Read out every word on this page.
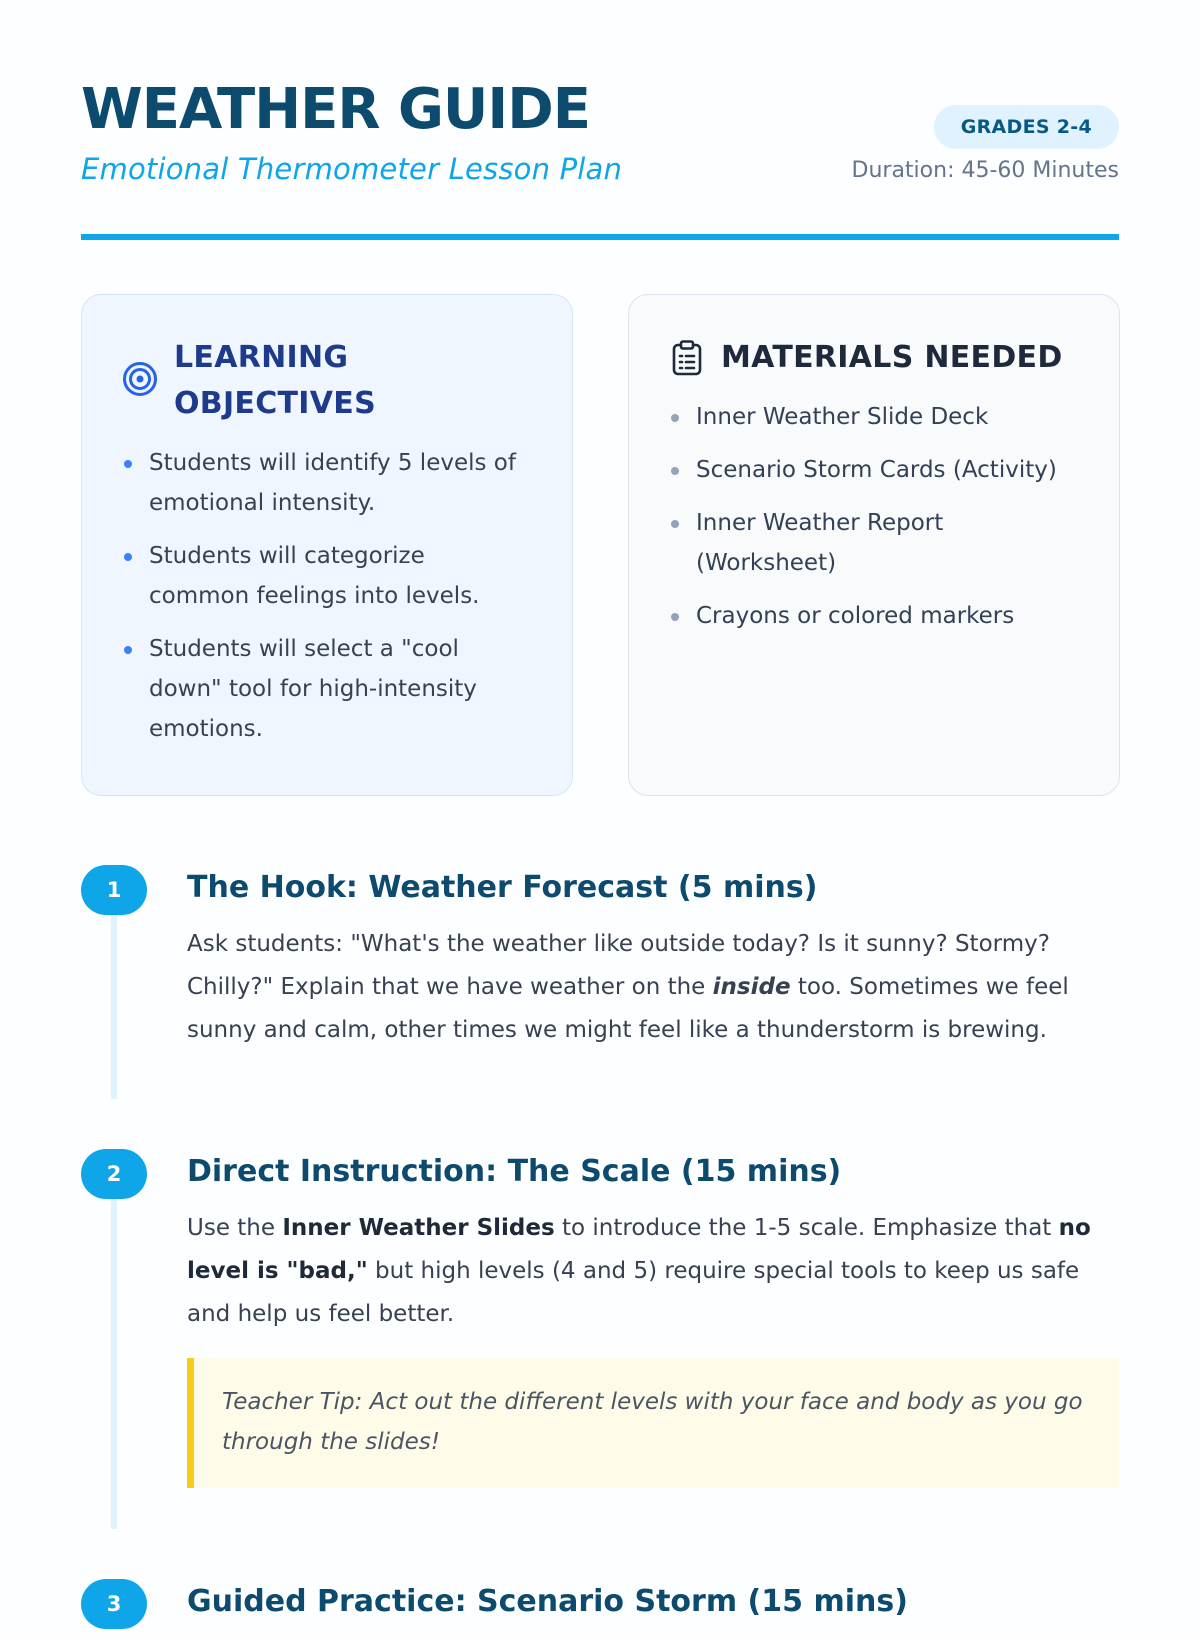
WEATHER GUIDE

Emotional Thermometer Lesson Plan

GRADES 2-4
Duration: 45-60 Minutes
LEARNING OBJECTIVES
Students will identify 5 levels of emotional intensity.
Students will categorize common feelings into levels.
Students will select a "cool down" tool for high-intensity emotions.
MATERIALS NEEDED
Inner Weather Slide Deck
Scenario Storm Cards (Activity)
Inner Weather Report (Worksheet)
Crayons or colored markers
1	The Hook: Weather Forecast (5 mins)

Ask students: "What's the weather like outside today? Is it sunny? Stormy? Chilly?" Explain that we have weather on the inside too. Sometimes we feel sunny and calm, other times we might feel like a thunderstorm is brewing.

2	Direct Instruction: The Scale (15 mins)

Use the Inner Weather Slides to introduce the 1-5 scale. Emphasize that no level is "bad," but high levels (4 and 5) require special tools to keep us safe and help us feel better.

Teacher Tip: Act out the different levels with your face and body as you go through the slides!
3	Guided Practice: Scenario Storm (15 mins)
